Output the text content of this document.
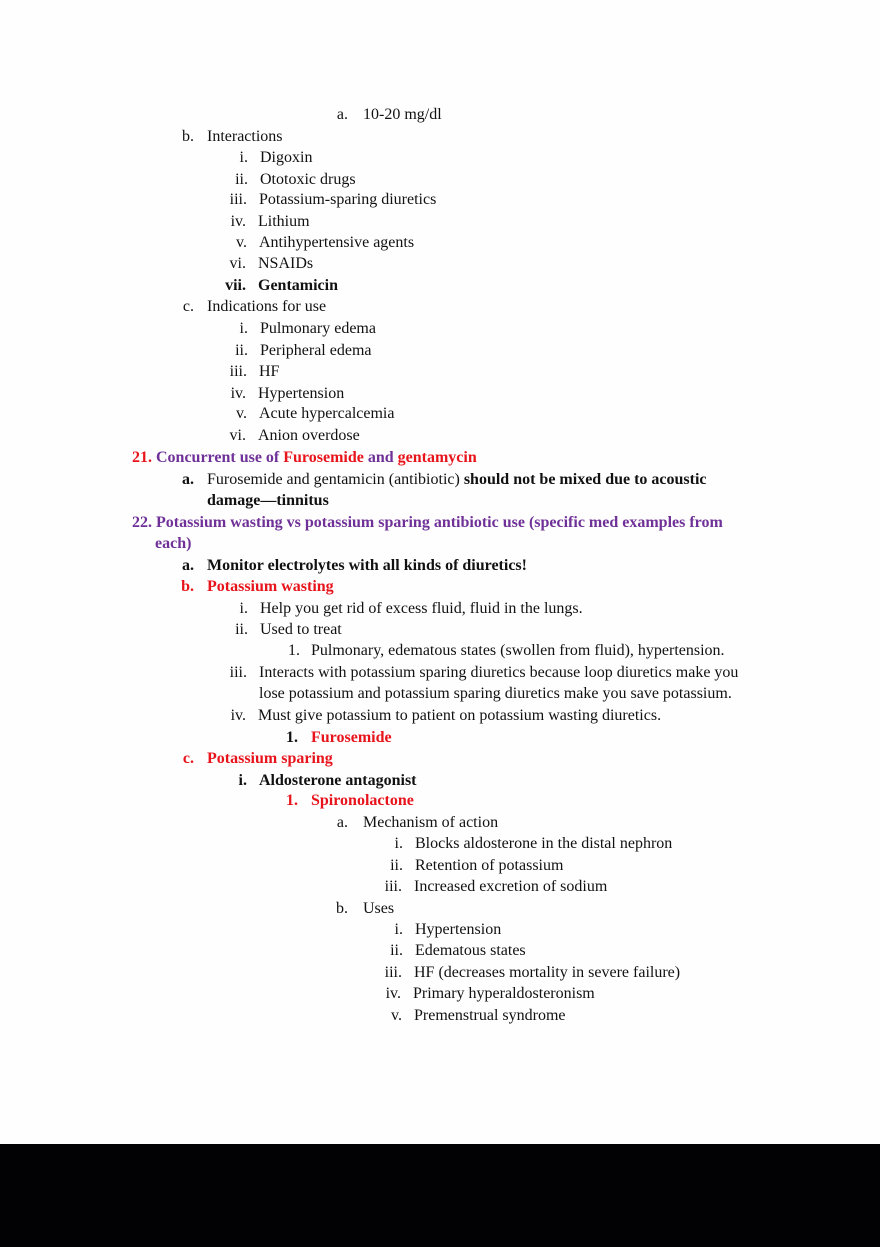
a. 10-20 mg/dl
b. Interactions
i. Digoxin
ii. Ototoxic drugs
iii. Potassium-sparing diuretics
iv. Lithium
v. Antihypertensive agents
vi. NSAIDs
vii. Gentamicin
c. Indications for use
i. Pulmonary edema
ii. Peripheral edema
iii. HF
iv. Hypertension
v. Acute hypercalcemia
vi. Anion overdose
21. Concurrent use of Furosemide and gentamycin
a. Furosemide and gentamicin (antibiotic) should not be mixed due to acoustic
damage—tinnitus
22. Potassium wasting vs potassium sparing antibiotic use (specific med examples from
each)
a. Monitor electrolytes with all kinds of diuretics!
b. Potassium wasting
i. Help you get rid of excess fluid, fluid in the lungs.
ii. Used to treat
1. Pulmonary, edematous states (swollen from fluid), hypertension.
iii. Interacts with potassium sparing diuretics because loop diuretics make you
lose potassium and potassium sparing diuretics make you save potassium.
iv. Must give potassium to patient on potassium wasting diuretics.
1. Furosemide
c. Potassium sparing
i. Aldosterone antagonist
1. Spironolactone
a. Mechanism of action
i. Blocks aldosterone in the distal nephron
ii. Retention of potassium
iii. Increased excretion of sodium
b. Uses
i. Hypertension
ii. Edematous states
iii. HF (decreases mortality in severe failure)
iv. Primary hyperaldosteronism
v. Premenstrual syndrome
